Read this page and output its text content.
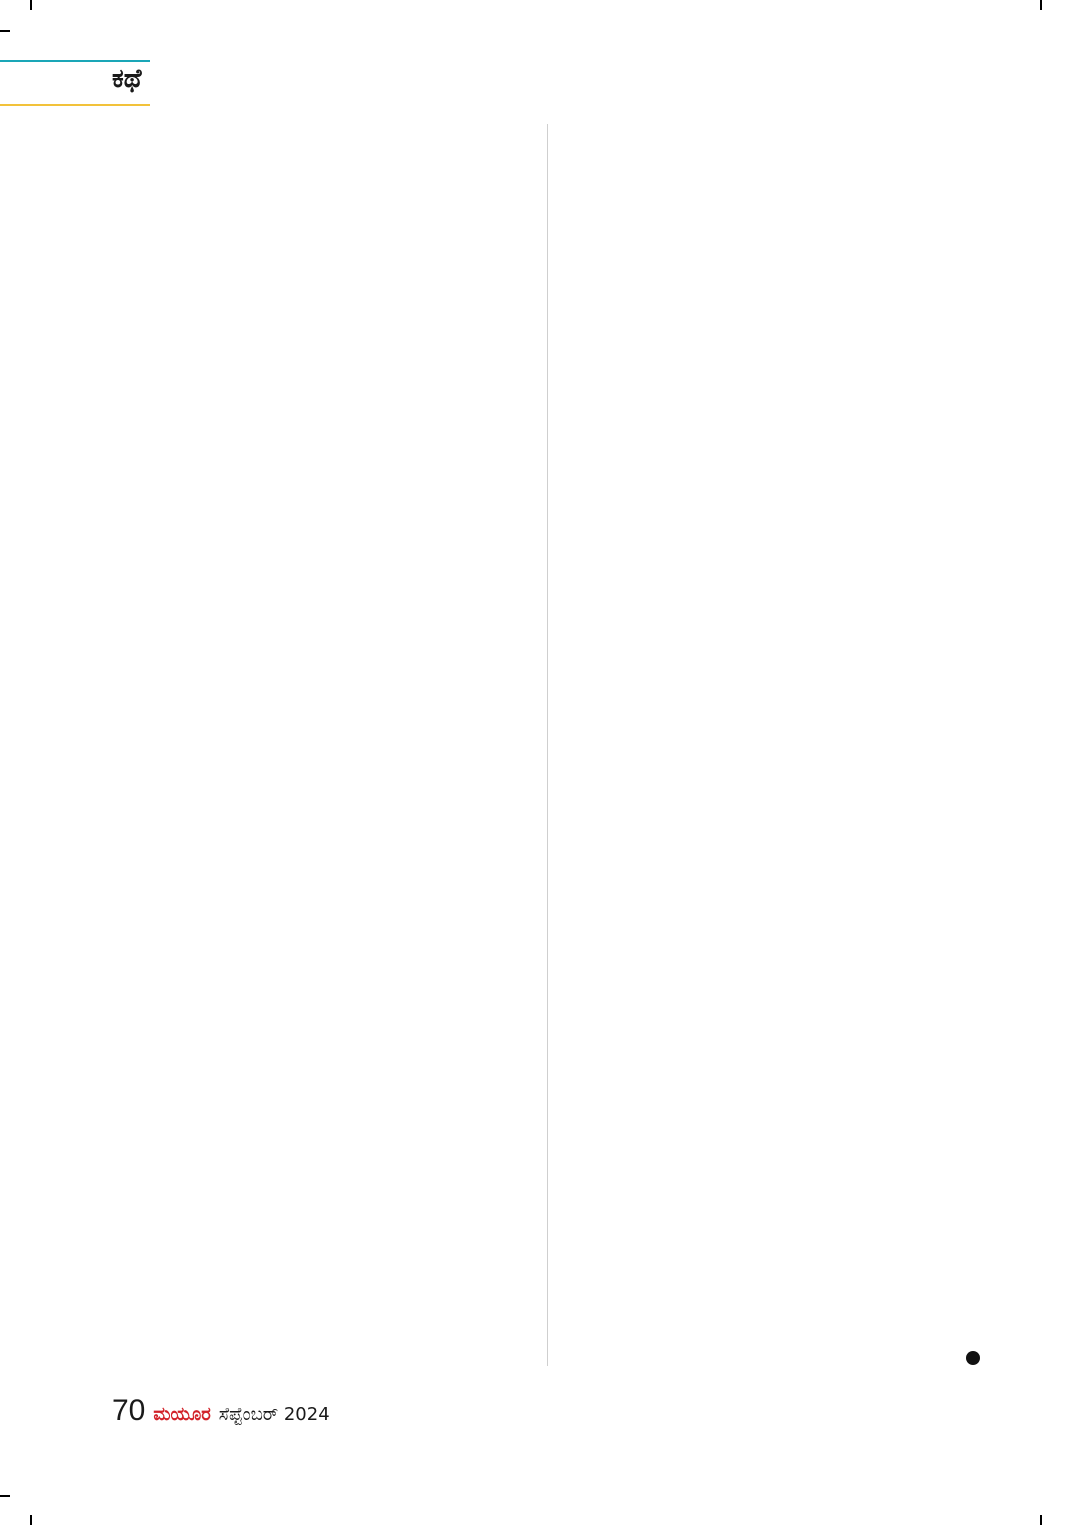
ಕಥೆ
70 ಮಯೂರ ಸೆಪ್ಟೆಂಬರ್ 2024
